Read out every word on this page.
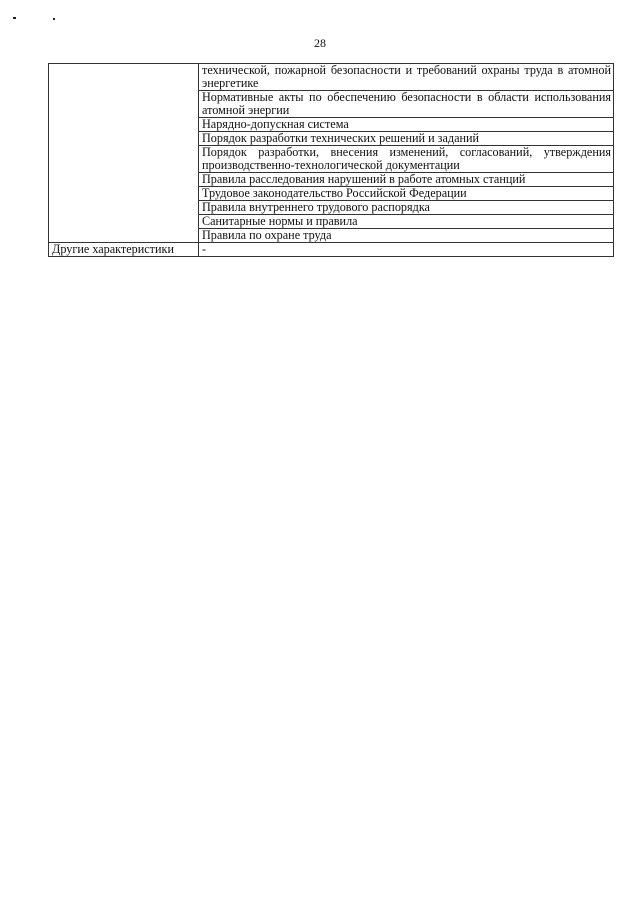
28
	технической, пожарной безопасности и требований охраны труда в атомной энергетике
	Нормативные акты по обеспечению безопасности в области использования атомной энергии
	Нарядно-допускная система
	Порядок разработки технических решений и заданий
	Порядок разработки, внесения изменений, согласований, утверждения производственно-технологической документации
	Правила расследования нарушений в работе атомных станций
	Трудовое законодательство Российской Федерации
	Правила внутреннего трудового распорядка
	Санитарные нормы и правила
	Правила по охране труда
Другие характеристики	-
